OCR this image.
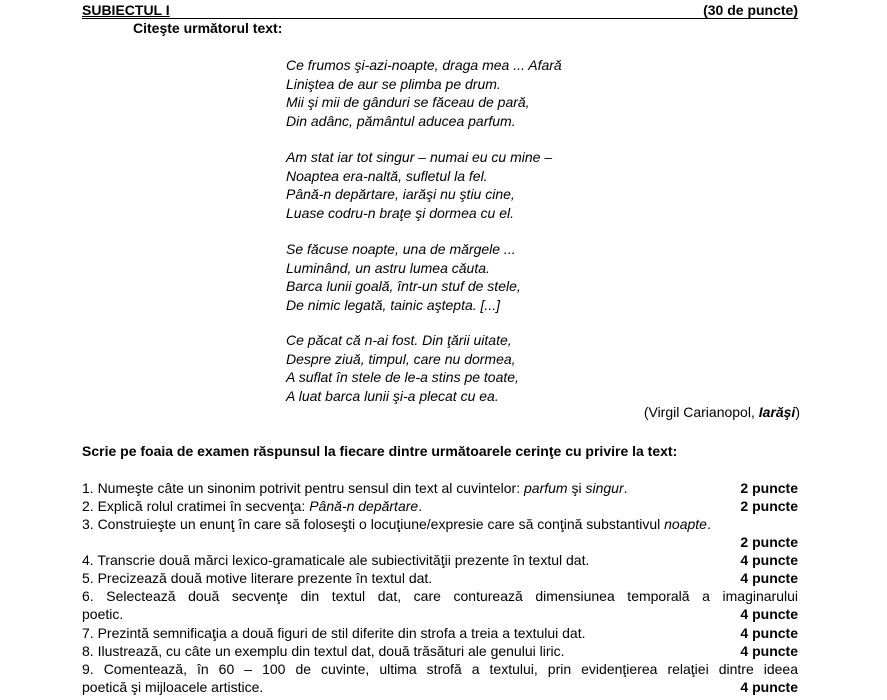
SUBIECTUL I	(30 de puncte)
Citeşte următorul text:
Ce frumos şi-azi-noapte, draga mea ... Afară
Liniştea de aur se plimba pe drum.
Mii şi mii de gânduri se făceau de pară,
Din adânc, pământul aducea parfum.
Am stat iar tot singur – numai eu cu mine –
Noaptea era-naltă, sufletul la fel.
Până-n depărtare, iarăşi nu ştiu cine,
Luase codru-n braţe şi dormea cu el.
Se făcuse noapte, una de mărgele ...
Luminând, un astru lumea căuta.
Barca lunii goală, într-un stuf de stele,
De nimic legată, tainic aştepta. [...]
Ce păcat că n-ai fost. Din ţării uitate,
Despre ziuă, timpul, care nu dormea,
A suflat în stele de le-a stins pe toate,
A luat barca lunii şi-a plecat cu ea.
(Virgil Carianopol, Iarăşi)
Scrie pe foaia de examen răspunsul la fiecare dintre următoarele cerinţe cu privire la text:
1. Numeşte câte un sinonim potrivit pentru sensul din text al cuvintelor: parfum şi singur.	2 puncte
2. Explică rolul cratimei în secvenţa: Până-n depărtare.	2 puncte
3. Construieşte un enunţ în care să foloseşti o locuţiune/expresie care să conţină substantivul noapte.
2 puncte
4. Transcrie două mărci lexico-gramaticale ale subiectivităţii prezente în textul dat.	4 puncte
5. Precizează două motive literare prezente în textul dat.	4 puncte
6. Selectează două secvenţe din textul dat, care conturează dimensiunea temporală a imaginarului
poetic.	4 puncte
7. Prezintă semnificaţia a două figuri de stil diferite din strofa a treia a textului dat.	4 puncte
8. Ilustrează, cu câte un exemplu din textul dat, două trăsături ale genului liric.	4 puncte
9. Comentează, în 60 – 100 de cuvinte, ultima strofă a textului, prin evidenţierea relaţiei dintre ideea
poetică şi mijloacele artistice.	4 puncte
